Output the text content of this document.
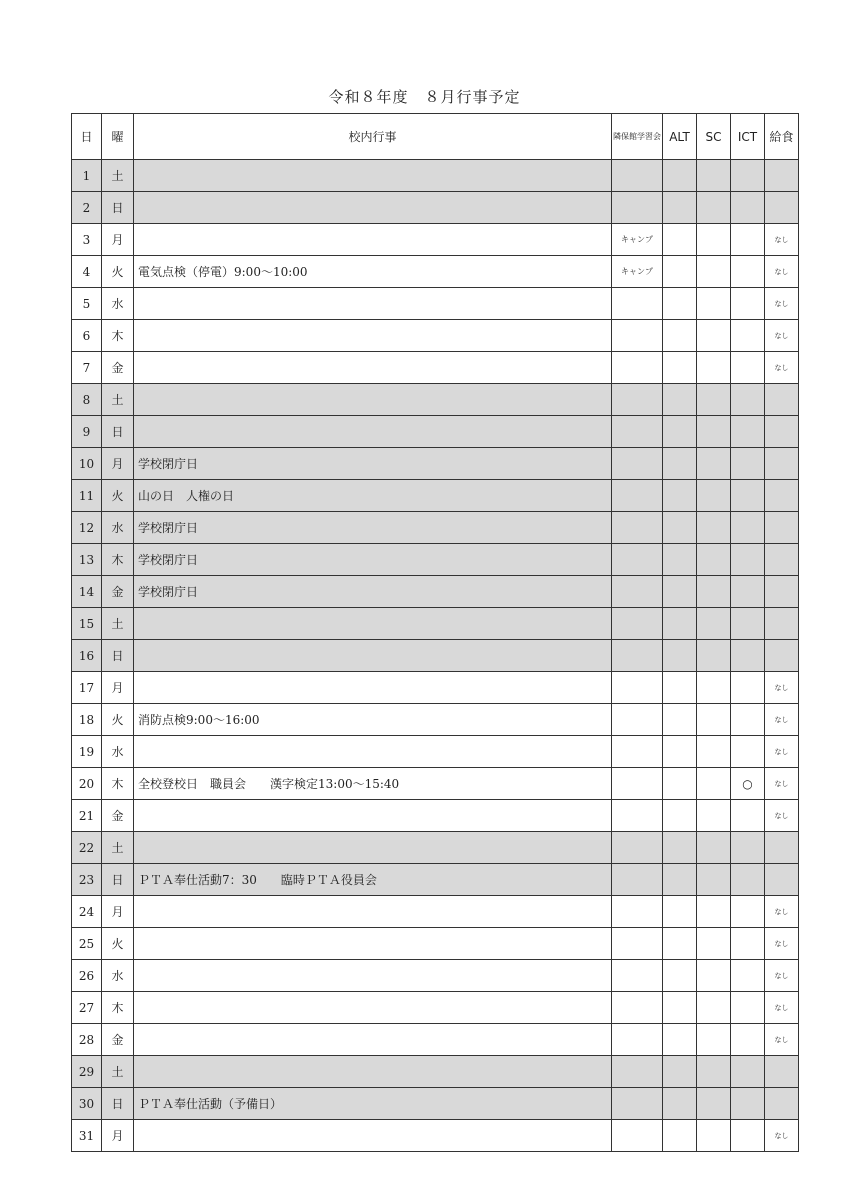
令和８年度　８月行事予定
日	曜	校内行事	隣保館学習会	ALT	SC	ICT	給食
1	土						
2	日						
3	月		キャンプ				なし
4	火	電気点検（停電）9:00～10:00	キャンプ				なし
5	水						なし
6	木						なし
7	金						なし
8	土						
9	日						
10	月	学校閉庁日					
11	火	山の日　人権の日					
12	水	学校閉庁日					
13	木	学校閉庁日					
14	金	学校閉庁日					
15	土						
16	日						
17	月						なし
18	火	消防点検9:00～16:00					なし
19	水						なし
20	木	全校登校日　職員会　　漢字検定13:00～15:40				○	なし
21	金						なし
22	土						
23	日	ＰＴＡ奉仕活動7：30　　臨時ＰＴＡ役員会					
24	月						なし
25	火						なし
26	水						なし
27	木						なし
28	金						なし
29	土						
30	日	ＰＴＡ奉仕活動（予備日）					
31	月						なし
